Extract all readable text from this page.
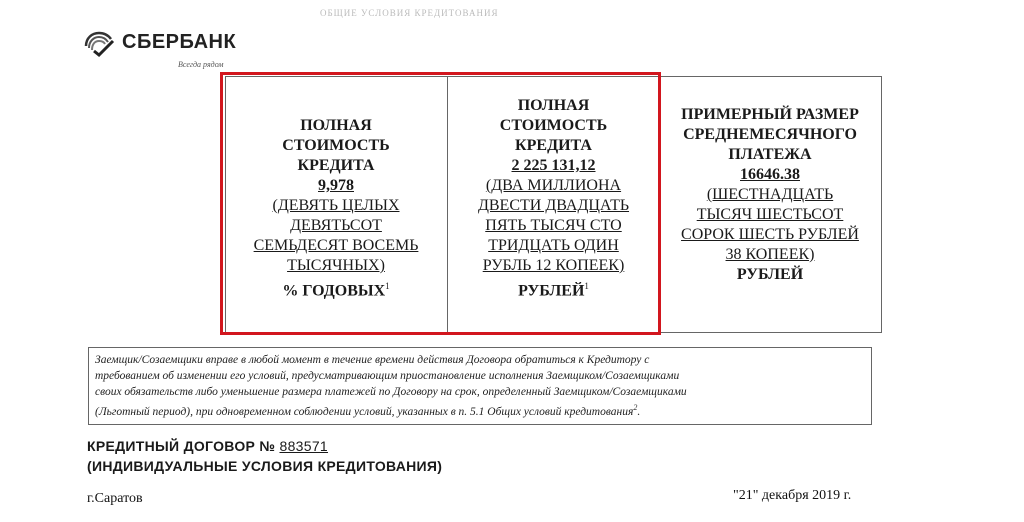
ОБЩИЕ УСЛОВИЯ КРЕДИТОВАНИЯ
СБЕРБАНК
Всегда рядом
ПОЛНАЯ
СТОИМОСТЬ
КРЕДИТА
9,978
(ДЕВЯТЬ ЦЕЛЫХ
ДЕВЯТЬСОТ
СЕМЬДЕСЯТ ВОСЕМЬ
ТЫСЯЧНЫХ)
% ГОДОВЫХ$^1$
ПОЛНАЯ
СТОИМОСТЬ
КРЕДИТА
2 225 131,12
(ДВА МИЛЛИОНА
ДВЕСТИ ДВАДЦАТЬ
ПЯТЬ ТЫСЯЧ СТО
ТРИДЦАТЬ ОДИН
РУБЛЬ 12 КОПЕЕК)
РУБЛЕЙ$^1$
ПРИМЕРНЫЙ РАЗМЕР
СРЕДНЕМЕСЯЧНОГО
ПЛАТЕЖА
16646.38
(ШЕСТНАДЦАТЬ
ТЫСЯЧ ШЕСТЬСОТ
СОРОК ШЕСТЬ РУБЛЕЙ
38 КОПЕЕК)
РУБЛЕЙ

Заемщик/Созаемщики вправе в любой момент в течение времени действия Договора обратиться к Кредитору с

требованием об изменении его условий, предусматривающим приостановление исполнения Заемщиком/Созаемщиками

своих обязательств либо уменьшение размера платежей по Договору на срок, определенный Заемщиком/Созаемщиками

(Льготный период), при одновременном соблюдении условий, указанных в п. 5.1 Общих условий кредитования$^2$.

КРЕДИТНЫЙ ДОГОВОР № 883571
(ИНДИВИДУАЛЬНЫЕ УСЛОВИЯ КРЕДИТОВАНИЯ)
г.Саратов	"21" декабря 2019 г.
